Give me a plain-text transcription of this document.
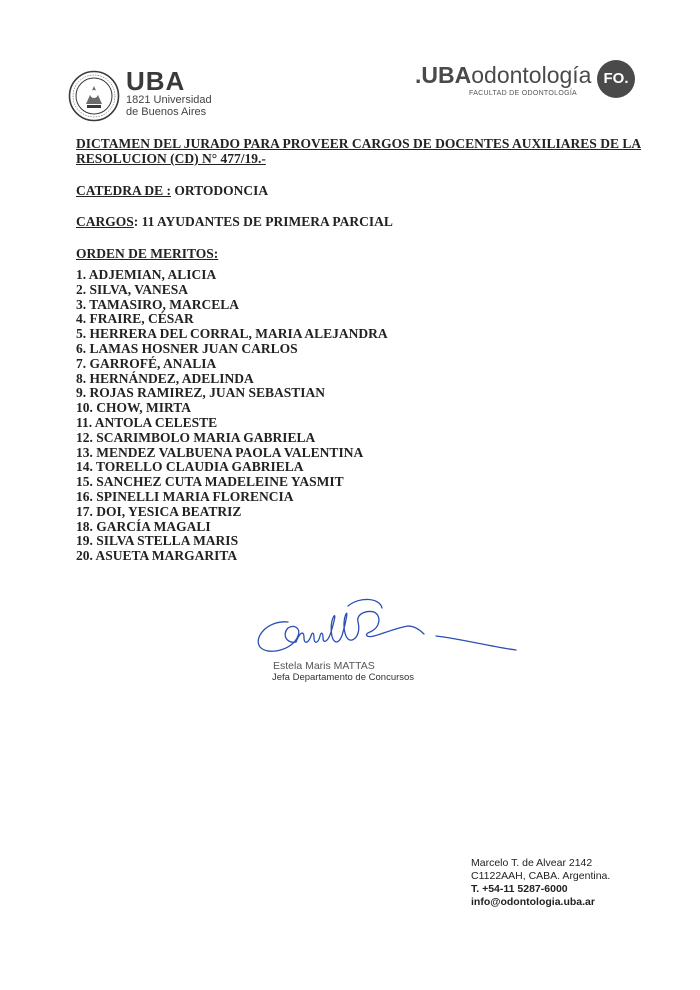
UBA
1821 Universidad
de Buenos Aires
.UBAodontología
FACULTAD DE ODONTOLOGÍA
FO.
DICTAMEN DEL JURADO PARA PROVEER CARGOS DE DOCENTES AUXILIARES DE LA
RESOLUCION (CD) N° 477/19.-
CATEDRA DE : ORTODONCIA
CARGOS: 11 AYUDANTES DE PRIMERA PARCIAL
ORDEN DE MERITOS:
1. ADJEMIAN, ALICIA
2. SILVA, VANESA
3. TAMASIRO, MARCELA
4. FRAIRE, CÉSAR
5. HERRERA DEL CORRAL, MARIA ALEJANDRA
6. LAMAS HOSNER JUAN CARLOS
7. GARROFÉ, ANALIA
8. HERNÁNDEZ, ADELINDA
9. ROJAS RAMIREZ, JUAN SEBASTIAN
10. CHOW, MIRTA
11. ANTOLA CELESTE
12. SCARIMBOLO MARIA GABRIELA
13. MENDEZ VALBUENA PAOLA VALENTINA
14. TORELLO CLAUDIA GABRIELA
15. SANCHEZ CUTA MADELEINE YASMIT
16. SPINELLI MARIA FLORENCIA
17. DOI, YESICA BEATRIZ
18. GARCÍA MAGALI
19. SILVA STELLA MARIS
20. ASUETA MARGARITA
Estela Maris MATTAS
Jefa Departamento de Concursos
Marcelo T. de Alvear 2142
C1122AAH, CABA. Argentina.
T. +54-11 5287-6000
info@odontologia.uba.ar
